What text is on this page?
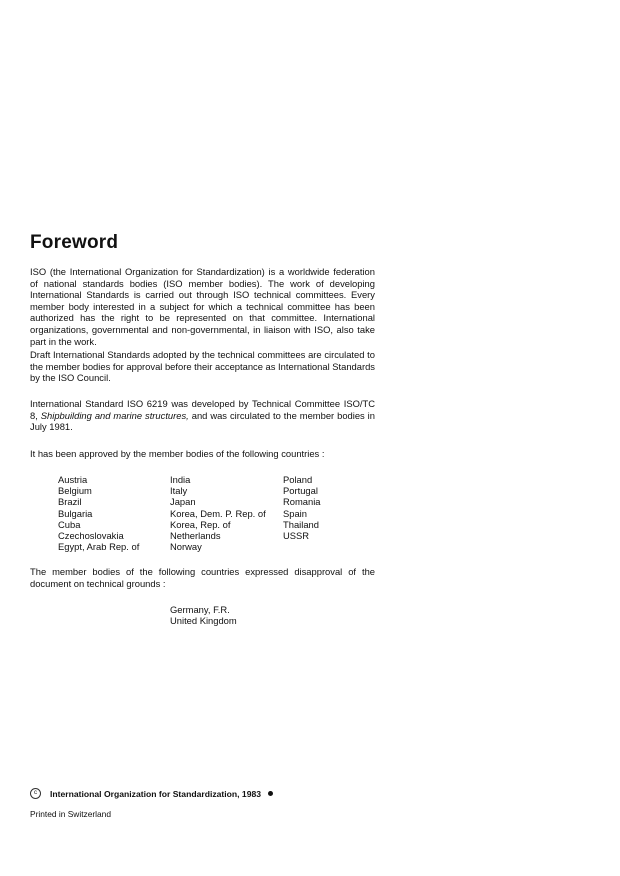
Foreword

ISO (the International Organization for Standardization) is a worldwide federation of national standards bodies (ISO member bodies). The work of developing International Standards is carried out through ISO technical committees. Every member body interested in a subject for which a technical committee has been authorized has the right to be represented on that committee. International organizations, governmental and non-governmental, in liaison with ISO, also take part in the work.

Draft International Standards adopted by the technical committees are circulated to the member bodies for approval before their acceptance as International Standards by the ISO Council.

International Standard ISO 6219 was developed by Technical Committee ISO/TC 8, Shipbuilding and marine structures, and was circulated to the member bodies in July 1981.

It has been approved by the member bodies of the following countries :

Austria
Belgium
Brazil
Bulgaria
Cuba
Czechoslovakia
Egypt, Arab Rep. of
India
Italy
Japan
Korea, Dem. P. Rep. of
Korea, Rep. of
Netherlands
Norway
Poland
Portugal
Romania
Spain
Thailand
USSR

The member bodies of the following countries expressed disapproval of the document on technical grounds :

Germany, F.R.
United Kingdom
c	International Organization for Standardization, 1983
Printed in Switzerland
